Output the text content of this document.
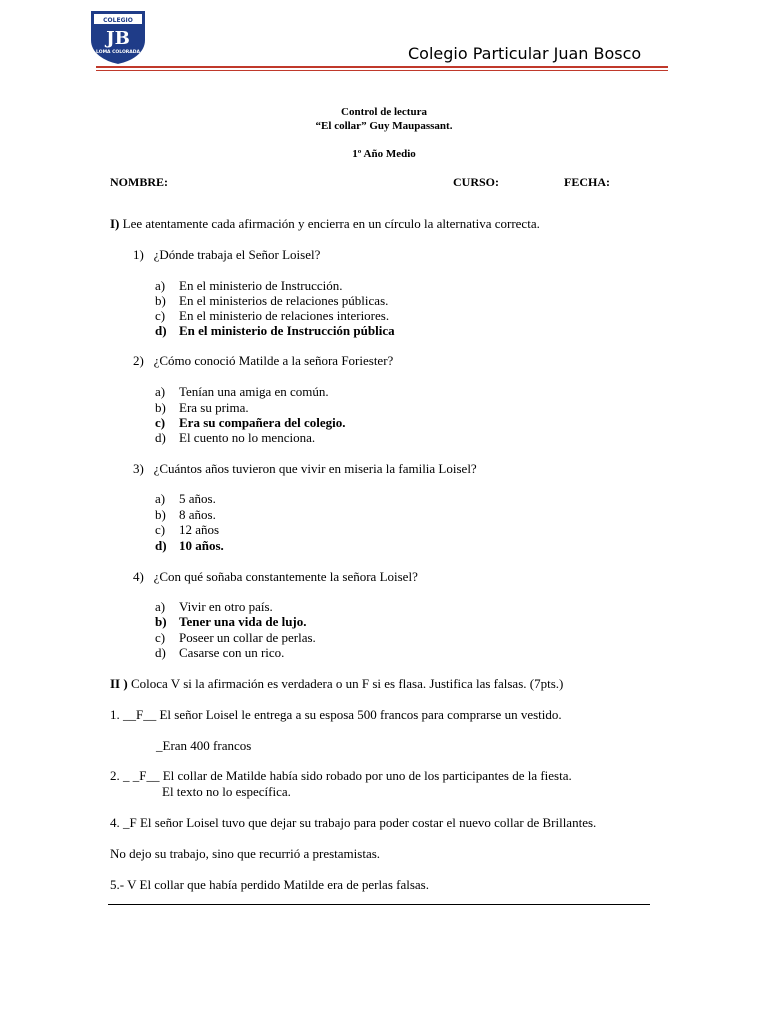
COLEGIO
JB
LOMA COLORADA	Colegio Particular Juan Bosco
Control de lectura
“El collar” Guy Maupassant.
1º Año Medio
NOMBRE:	CURSO:	FECHA:
I) Lee atentamente cada afirmación y encierra en un círculo la alternativa correcta.
1) ¿Dónde trabaja el Señor Loisel?
a) En el ministerio de Instrucción.
b) En el ministerios de relaciones públicas.
c) En el ministerio de relaciones interiores.
d) En el ministerio de Instrucción pública
2) ¿Cómo conoció Matilde a la señora Foriester?
a) Tenían una amiga en común.
b) Era su prima.
c) Era su compañera del colegio.
d) El cuento no lo menciona.
3) ¿Cuántos años tuvieron que vivir en miseria la familia Loisel?
a) 5 años.
b) 8 años.
c) 12 años
d) 10 años.
4) ¿Con qué soñaba constantemente la señora Loisel?
a) Vivir en otro país.
b) Tener una vida de lujo.
c) Poseer un collar de perlas.
d) Casarse con un rico.
II ) Coloca V si la afirmación es verdadera o un F si es flasa. Justifica las falsas. (7pts.)
1. __F__ El señor Loisel le entrega a su esposa 500 francos para comprarse un vestido.
_Eran 400 francos
2. _ _F__ El collar de Matilde había sido robado por uno de los participantes de la fiesta.
El texto no lo específica.
4. _F El señor Loisel tuvo que dejar su trabajo para poder costar el nuevo collar de Brillantes.
No dejo su trabajo, sino que recurrió a prestamistas.
5.- V El collar que había perdido Matilde era de perlas falsas.
